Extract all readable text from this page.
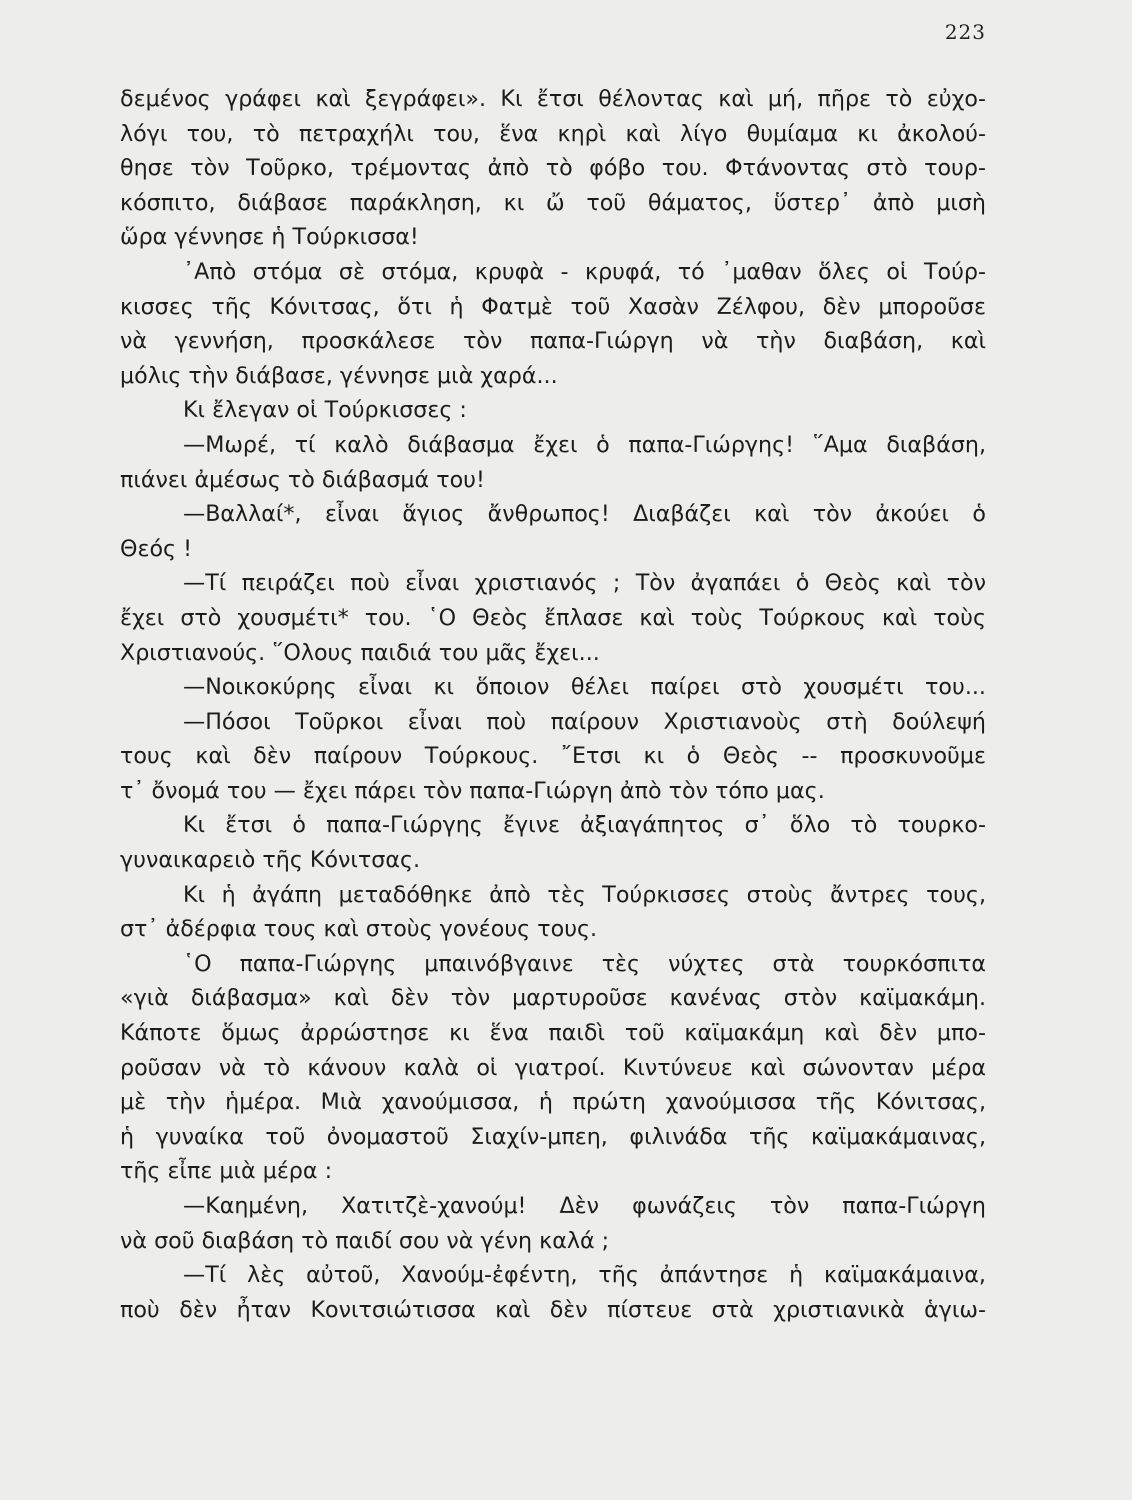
223
δεμένος γράφει καὶ ξεγράφει». Κι ἔτσι θέλοντας καὶ μή, πῆρε τὸ εὐχο-
λόγι του, τὸ πετραχήλι του, ἕνα κηρὶ καὶ λίγο θυμίαμα κι ἀκολού-
θησε τὸν Τοῦρκο, τρέμοντας ἀπὸ τὸ φόβο του. Φτάνοντας στὸ τουρ-
κόσπιτο, διάβασε παράκληση, κι ὤ τοῦ θάματος, ὕστερ᾽ ἀπὸ μισὴ
ὥρα γέννησε ἡ Τούρκισσα!
᾽Απὸ στόμα σὲ στόμα, κρυφὰ - κρυφά, τό ᾽μαθαν ὅλες οἱ Τούρ-
κισσες τῆς Κόνιτσας, ὅτι ἡ Φατμὲ τοῦ Χασὰν Ζέλφου, δὲν μποροῦσε
νὰ γεννήση, προσκάλεσε τὸν παπα-Γιώργη νὰ τὴν διαβάση, καὶ
μόλις τὴν διάβασε, γέννησε μιὰ χαρά...
Κι ἔλεγαν οἱ Τούρκισσες :
—Μωρέ, τί καλὸ διάβασμα ἔχει ὁ παπα-Γιώργης! ῞Αμα διαβάση,
πιάνει ἀμέσως τὸ διάβασμά του!
—Βαλλαί*, εἶναι ἅγιος ἄνθρωπος! Διαβάζει καὶ τὸν ἀκούει ὁ
Θεός !
—Τί πειράζει ποὺ εἶναι χριστιανός ; Τὸν ἀγαπάει ὁ Θεὸς καὶ τὸν
ἔχει στὸ χουσμέτι* του. ῾Ο Θεὸς ἔπλασε καὶ τοὺς Τούρκους καὶ τοὺς
Χριστιανούς. ῞Ολους παιδιά του μᾶς ἔχει...
—Νοικοκύρης εἶναι κι ὅποιον θέλει παίρει στὸ χουσμέτι του...
—Πόσοι Τοῦρκοι εἶναι ποὺ παίρουν Χριστιανοὺς στὴ δούλεψή
τους καὶ δὲν παίρουν Τούρκους. ῎Ετσι κι ὁ Θεὸς -- προσκυνοῦμε
τ᾽ ὄνομά του — ἔχει πάρει τὸν παπα-Γιώργη ἀπὸ τὸν τόπο μας.
Κι ἔτσι ὁ παπα-Γιώργης ἔγινε ἀξιαγάπητος σ᾽ ὅλο τὸ τουρκο-
γυναικαρειὸ τῆς Κόνιτσας.
Κι ἡ ἀγάπη μεταδόθηκε ἀπὸ τὲς Τούρκισσες στοὺς ἄντρες τους,
στ᾽ ἀδέρφια τους καὶ στοὺς γονέους τους.
῾Ο παπα-Γιώργης μπαινόβγαινε τὲς νύχτες στὰ τουρκόσπιτα
«γιὰ διάβασμα» καὶ δὲν τὸν μαρτυροῦσε κανένας στὸν καϊμακάμη.
Κάποτε ὅμως ἀρρώστησε κι ἕνα παιδὶ τοῦ καϊμακάμη καὶ δὲν μπο-
ροῦσαν νὰ τὸ κάνουν καλὰ οἱ γιατροί. Κιντύνευε καὶ σώνονταν μέρα
μὲ τὴν ἡμέρα. Μιὰ χανούμισσα, ἡ πρώτη χανούμισσα τῆς Κόνιτσας,
ἡ γυναίκα τοῦ ὀνομαστοῦ Σιαχίν-μπεη, φιλινάδα τῆς καϊμακάμαινας,
τῆς εἶπε μιὰ μέρα :
—Καημένη, Χατιτζὲ-χανούμ! Δὲν φωνάζεις τὸν παπα-Γιώργη
νὰ σοῦ διαβάση τὸ παιδί σου νὰ γένη καλά ;
—Τί λὲς αὐτοῦ, Χανούμ-ἐφέντη, τῆς ἀπάντησε ἡ καϊμακάμαινα,
ποὺ δὲν ἦταν Κονιτσιώτισσα καὶ δὲν πίστευε στὰ χριστιανικὰ ἁγιω-
